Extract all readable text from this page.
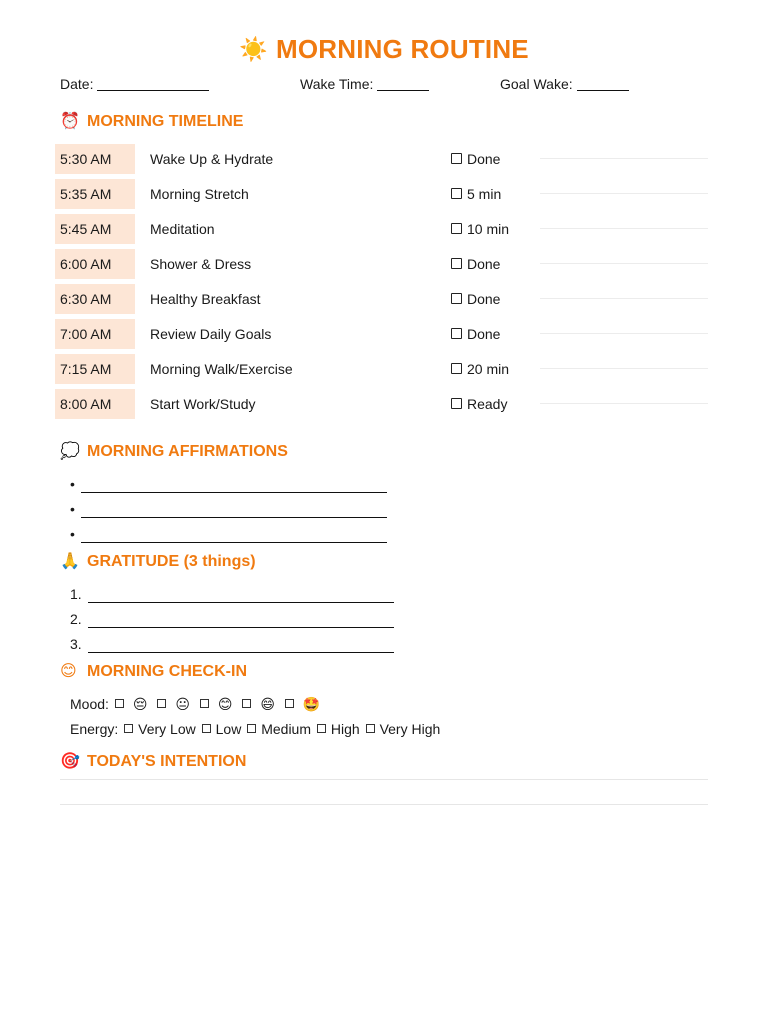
☀️ MORNING ROUTINE
Date:	Wake Time:	Goal Wake:
⏰ MORNING TIMELINE
5:30 AM	Wake Up & Hydrate	Done
5:35 AM	Morning Stretch	5 min
5:45 AM	Meditation	10 min
6:00 AM	Shower & Dress	Done
6:30 AM	Healthy Breakfast	Done
7:00 AM	Review Daily Goals	Done
7:15 AM	Morning Walk/Exercise	20 min
8:00 AM	Start Work/Study	Ready
💭 MORNING AFFIRMATIONS
•
•
•
🙏 GRATITUDE (3 things)
1.
2.
3.
😊 MORNING CHECK-IN
Mood: 😔 😐 😊 😄 🤩
Energy: Very Low Low Medium High Very High
🎯 TODAY'S INTENTION
